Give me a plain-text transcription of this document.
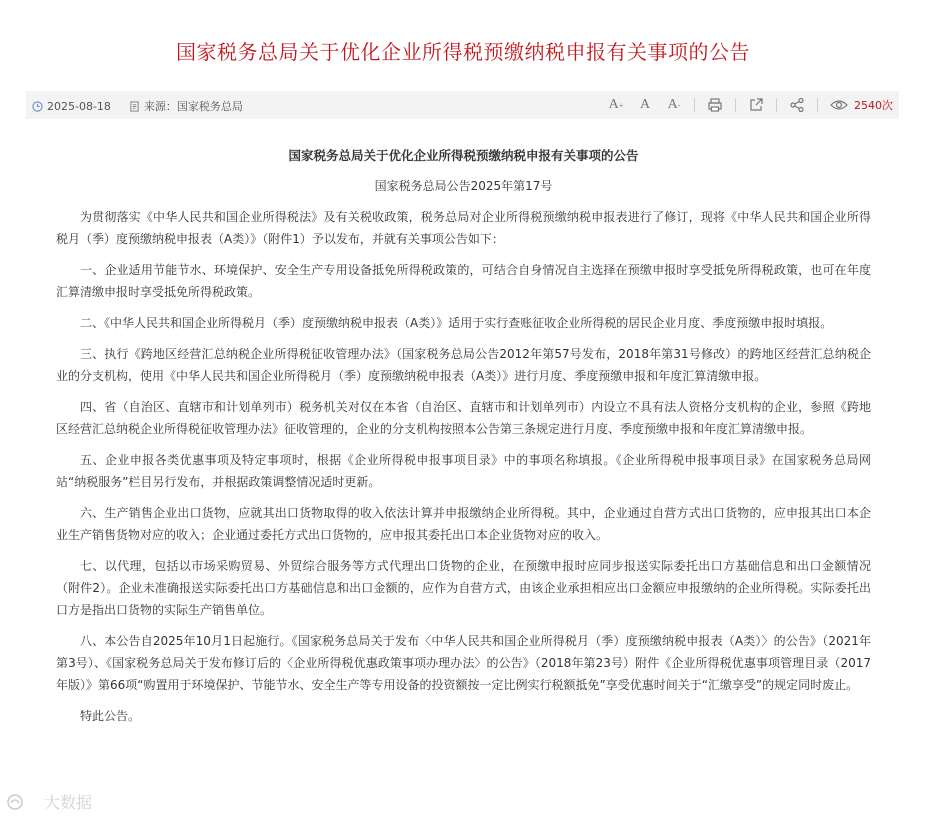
国家税务总局关于优化企业所得税预缴纳税申报有关事项的公告
2025-08-18	来源：国家税务总局	A + A A -	2540次
国家税务总局关于优化企业所得税预缴纳税申报有关事项的公告
国家税务总局公告2025年第17号

为贯彻落实《中华人民共和国企业所得税法》及有关税收政策，税务总局对企业所得税预缴纳税申报表进行了修订，现将《中华人民共和国企业所得税月（季）度预缴纳税申报表（A类）》（附件1）予以发布，并就有关事项公告如下：

一、企业适用节能节水、环境保护、安全生产专用设备抵免所得税政策的，可结合自身情况自主选择在预缴申报时享受抵免所得税政策，也可在年度汇算清缴申报时享受抵免所得税政策。

二、《中华人民共和国企业所得税月（季）度预缴纳税申报表（A类）》适用于实行查账征收企业所得税的居民企业月度、季度预缴申报时填报。

三、执行《跨地区经营汇总纳税企业所得税征收管理办法》（国家税务总局公告2012年第57号发布，2018年第31号修改）的跨地区经营汇总纳税企业的分支机构，使用《中华人民共和国企业所得税月（季）度预缴纳税申报表（A类）》进行月度、季度预缴申报和年度汇算清缴申报。

四、省（自治区、直辖市和计划单列市）税务机关对仅在本省（自治区、直辖市和计划单列市）内设立不具有法人资格分支机构的企业，参照《跨地区经营汇总纳税企业所得税征收管理办法》征收管理的，企业的分支机构按照本公告第三条规定进行月度、季度预缴申报和年度汇算清缴申报。

五、企业申报各类优惠事项及特定事项时，根据《企业所得税申报事项目录》中的事项名称填报。《企业所得税申报事项目录》在国家税务总局网站“纳税服务”栏目另行发布，并根据政策调整情况适时更新。

六、生产销售企业出口货物，应就其出口货物取得的收入依法计算并申报缴纳企业所得税。其中，企业通过自营方式出口货物的，应申报其出口本企业生产销售货物对应的收入；企业通过委托方式出口货物的，应申报其委托出口本企业货物对应的收入。

七、以代理，包括以市场采购贸易、外贸综合服务等方式代理出口货物的企业，在预缴申报时应同步报送实际委托出口方基础信息和出口金额情况（附件2）。企业未准确报送实际委托出口方基础信息和出口金额的，应作为自营方式，由该企业承担相应出口金额应申报缴纳的企业所得税。实际委托出口方是指出口货物的实际生产销售单位。

八、本公告自2025年10月1日起施行。《国家税务总局关于发布〈中华人民共和国企业所得税月（季）度预缴纳税申报表（A类）〉的公告》（2021年第3号）、《国家税务总局关于发布修订后的〈企业所得税优惠政策事项办理办法〉的公告》（2018年第23号）附件《企业所得税优惠事项管理目录（2017年版）》第66项“购置用于环境保护、节能节水、安全生产等专用设备的投资额按一定比例实行税额抵免”享受优惠时间关于“汇缴享受”的规定同时废止。

特此公告。

大数据
